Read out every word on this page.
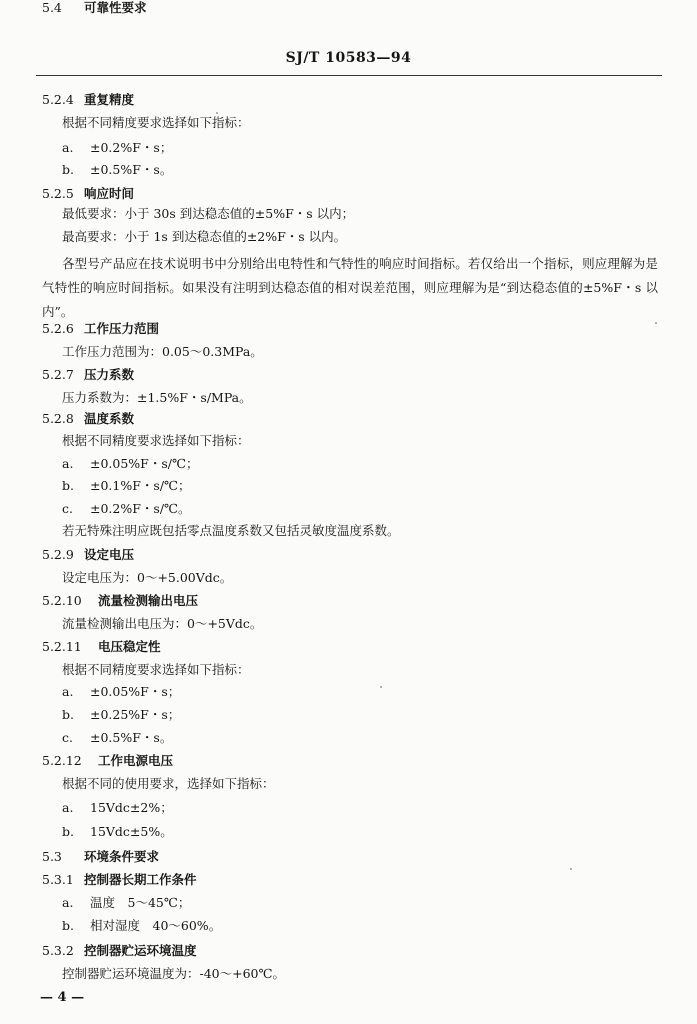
SJ/T 10583—94
5.2.4 重复精度
根据不同精度要求选择如下指标：
a. ±0.2%F・s；
b. ±0.5%F・s。
5.2.5 响应时间
最低要求：小于 30s 到达稳态值的±5%F・s 以内；
最高要求：小于 1s 到达稳态值的±2%F・s 以内。
各型号产品应在技术说明书中分别给出电特性和气特性的响应时间指标。若仅给出一个指标，则应理解为是气特性的响应时间指标。如果没有注明到达稳态值的相对误差范围，则应理解为是“到达稳态值的±5%F・s 以内”。
5.2.6 工作压力范围
工作压力范围为：0.05～0.3MPa。
5.2.7 压力系数
压力系数为：±1.5%F・s/MPa。
5.2.8 温度系数
根据不同精度要求选择如下指标：
a. ±0.05%F・s/℃；
b. ±0.1%F・s/℃；
c. ±0.2%F・s/℃。
若无特殊注明应既包括零点温度系数又包括灵敏度温度系数。
5.2.9 设定电压
设定电压为：0～+5.00Vdc。
5.2.10 流量检测输出电压
流量检测输出电压为：0～+5Vdc。
5.2.11 电压稳定性
根据不同精度要求选择如下指标：
a. ±0.05%F・s；
b. ±0.25%F・s；
c. ±0.5%F・s。
5.2.12 工作电源电压
根据不同的使用要求，选择如下指标：
a. 15Vdc±2%；
b. 15Vdc±5%。
5.3 环境条件要求
5.3.1 控制器长期工作条件
a. 温度　5～45℃；
b. 相对湿度　40～60%。
5.3.2 控制器贮运环境温度
控制器贮运环境温度为：-40～+60℃。
5.4 可靠性要求
— 4 —
